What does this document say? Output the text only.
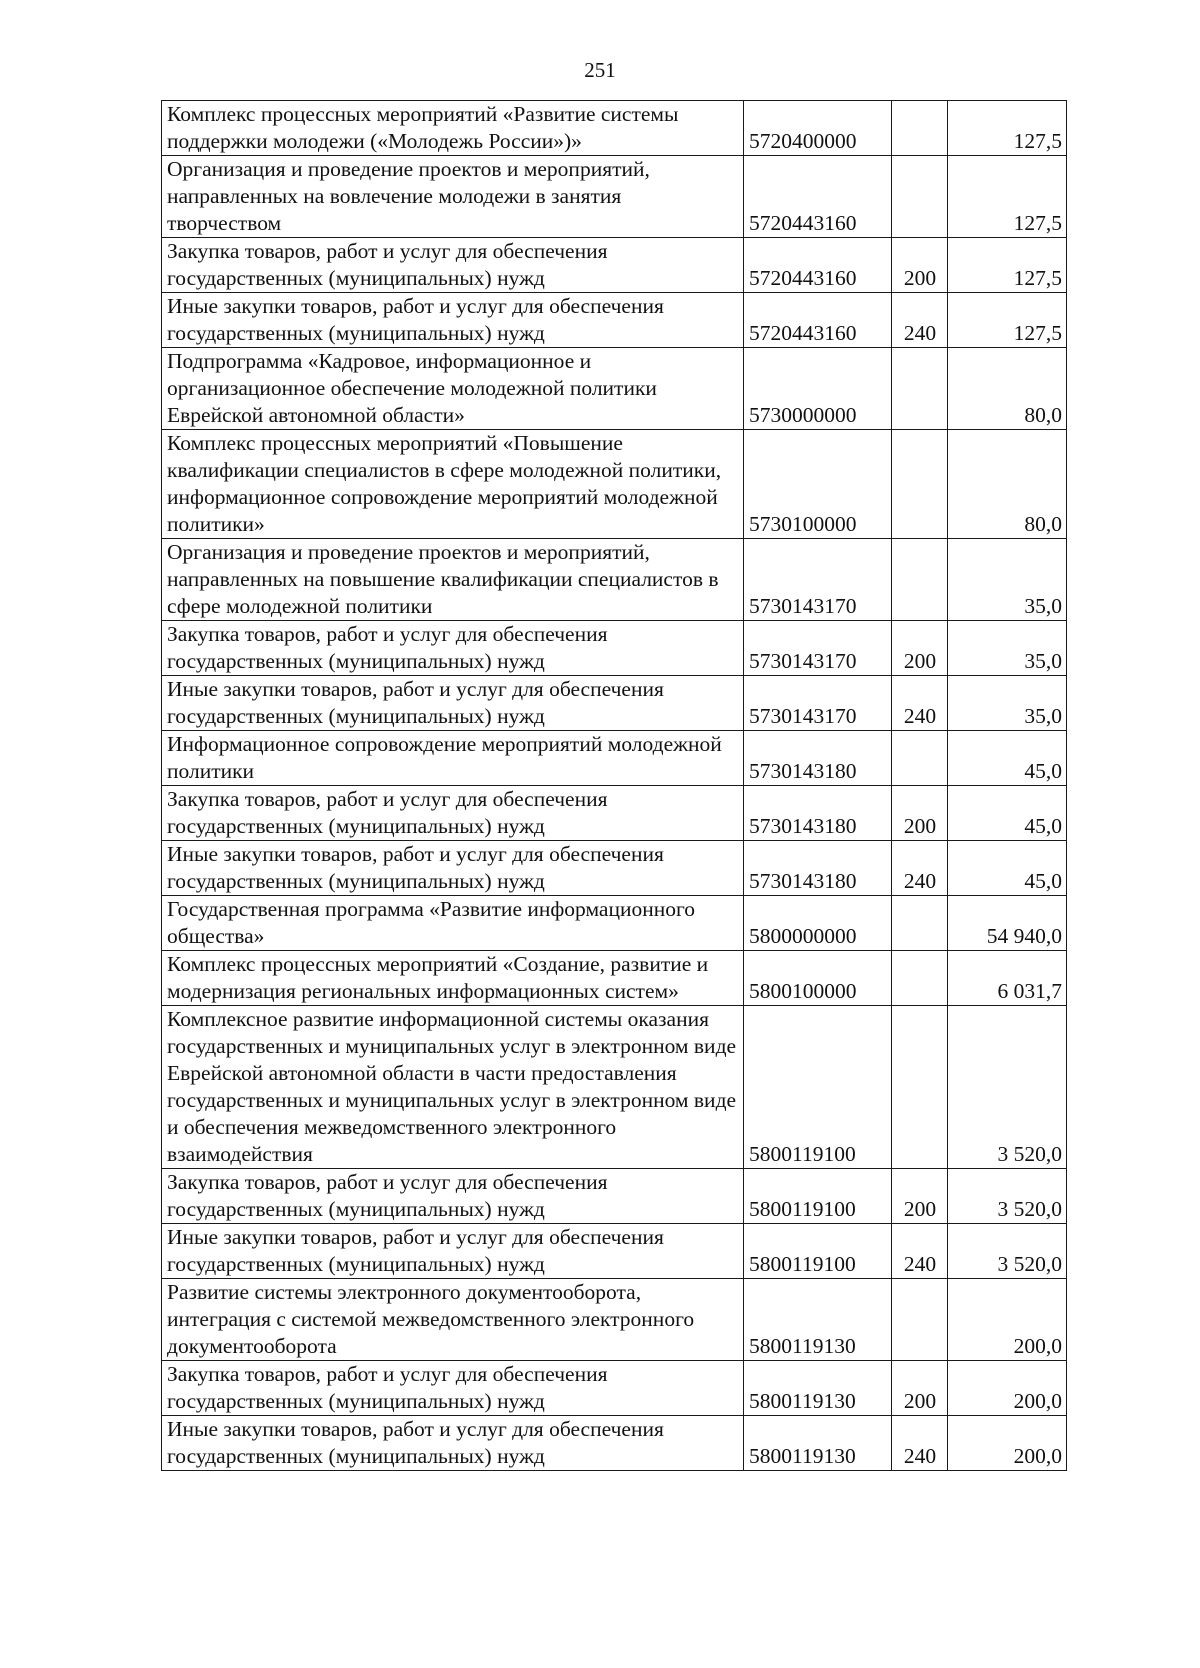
251
Комплекс процессных мероприятий «Развитие системы поддержки молодежи («Молодежь России»)»	5720400000		127,5
Организация и проведение проектов и мероприятий, направленных на вовлечение молодежи в занятия творчеством	5720443160		127,5
Закупка товаров, работ и услуг для обеспечения государственных (муниципальных) нужд	5720443160	200	127,5
Иные закупки товаров, работ и услуг для обеспечения государственных (муниципальных) нужд	5720443160	240	127,5
Подпрограмма «Кадровое, информационное и организационное обеспечение молодежной политики Еврейской автономной области»	5730000000		80,0
Комплекс процессных мероприятий «Повышение квалификации специалистов в сфере молодежной политики, информационное сопровождение мероприятий молодежной политики»	5730100000		80,0
Организация и проведение проектов и мероприятий, направленных на повышение квалификации специалистов в сфере молодежной политики	5730143170		35,0
Закупка товаров, работ и услуг для обеспечения государственных (муниципальных) нужд	5730143170	200	35,0
Иные закупки товаров, работ и услуг для обеспечения государственных (муниципальных) нужд	5730143170	240	35,0
Информационное сопровождение мероприятий молодежной политики	5730143180		45,0
Закупка товаров, работ и услуг для обеспечения государственных (муниципальных) нужд	5730143180	200	45,0
Иные закупки товаров, работ и услуг для обеспечения государственных (муниципальных) нужд	5730143180	240	45,0
Государственная программа «Развитие информационного общества»	5800000000		54 940,0
Комплекс процессных мероприятий «Создание, развитие и модернизация региональных информационных систем»	5800100000		6 031,7
Комплексное развитие информационной системы оказания государственных и муниципальных услуг в электронном виде Еврейской автономной области в части предоставления государственных и муниципальных услуг в электронном виде и обеспечения межведомственного электронного взаимодействия	5800119100		3 520,0
Закупка товаров, работ и услуг для обеспечения государственных (муниципальных) нужд	5800119100	200	3 520,0
Иные закупки товаров, работ и услуг для обеспечения государственных (муниципальных) нужд	5800119100	240	3 520,0
Развитие системы электронного документооборота, интеграция с системой межведомственного электронного документооборота	5800119130		200,0
Закупка товаров, работ и услуг для обеспечения государственных (муниципальных) нужд	5800119130	200	200,0
Иные закупки товаров, работ и услуг для обеспечения государственных (муниципальных) нужд	5800119130	240	200,0
